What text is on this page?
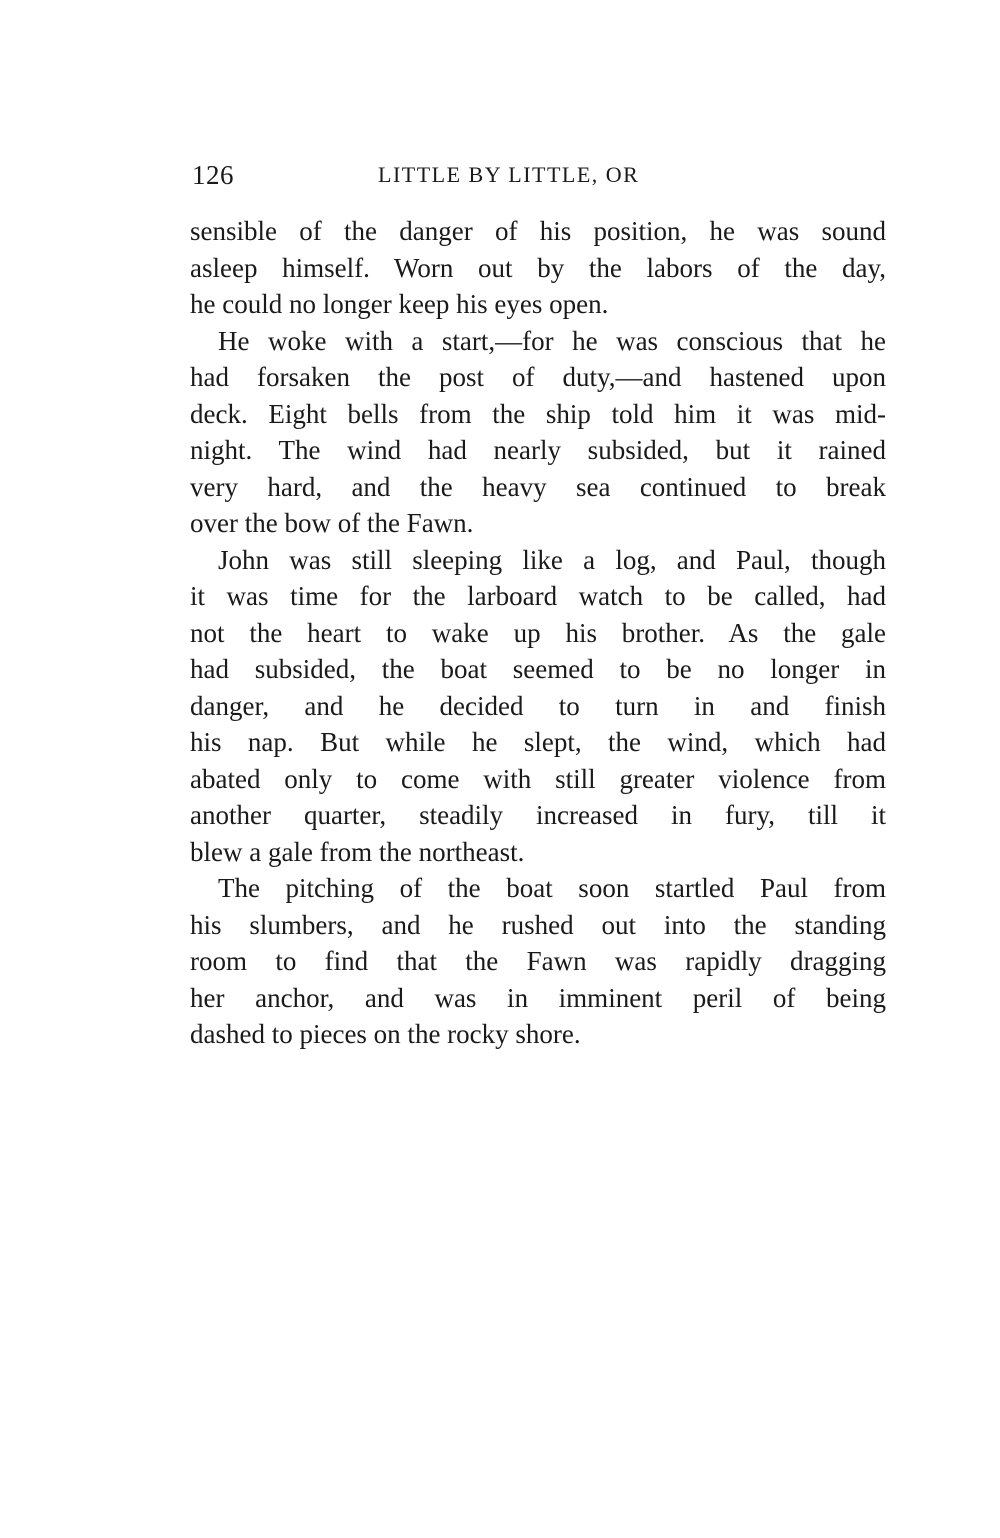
126	LITTLE BY LITTLE, OR
sensible of the danger of his position, he was sound
asleep himself. Worn out by the labors of the day,
he could no longer keep his eyes open.
He woke with a start,—for he was conscious that he
had forsaken the post of duty,—and hastened upon
deck. Eight bells from the ship told him it was mid-
night. The wind had nearly subsided, but it rained
very hard, and the heavy sea continued to break
over the bow of the Fawn.
John was still sleeping like a log, and Paul, though
it was time for the larboard watch to be called, had
not the heart to wake up his brother. As the gale
had subsided, the boat seemed to be no longer in
danger, and he decided to turn in and finish
his nap. But while he slept, the wind, which had
abated only to come with still greater violence from
another quarter, steadily increased in fury, till it
blew a gale from the northeast.
The pitching of the boat soon startled Paul from
his slumbers, and he rushed out into the standing
room to find that the Fawn was rapidly dragging
her anchor, and was in imminent peril of being
dashed to pieces on the rocky shore.
